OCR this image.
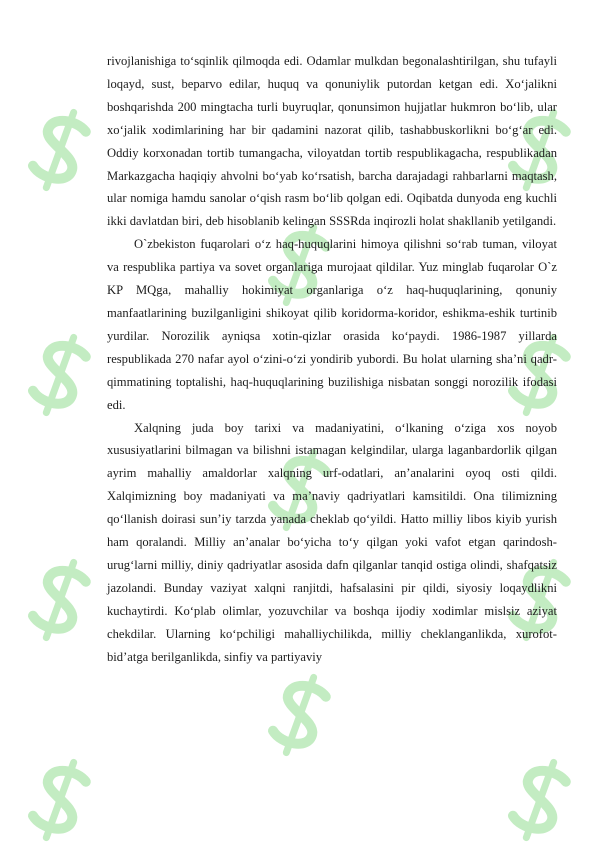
rivojlanishiga to‘sqinlik qilmoqda edi. Odamlar mulkdan begonalashtirilgan, shu tufayli loqayd, sust, beparvo edilar, huquq va qonuniylik putordan ketgan edi. Xo‘jalikni boshqarishda 200 mingtacha turli buyruqlar, qonunsimon hujjatlar hukmron bo‘lib, ular xo‘jalik xodimlarining har bir qadamini nazorat qilib, tashabbuskorlikni bo‘g‘ar edi. Oddiy korxonadan tortib tumangacha, viloyatdan tortib respublikagacha, respublikadan Markazgacha haqiqiy ahvolni bo‘yab ko‘rsatish, barcha darajadagi rahbarlarni maqtash, ular nomiga hamdu sanolar o‘qish rasm bo‘lib qolgan edi. Oqibatda dunyoda eng kuchli ikki davlatdan biri, deb hisoblanib kelingan SSSRda inqirozli holat shakllanib yetilgandi.

O`zbekiston fuqarolari o‘z haq-huquqlarini himoya qilishni so‘rab tuman, viloyat va respublika partiya va sovet organlariga murojaat qildilar. Yuz minglab fuqarolar O`z KP MQga, mahalliy hokimiyat organlariga o‘z haq-huquqlarining, qonuniy manfaatlarining buzilganligini shikoyat qilib koridorma-koridor, eshikma-eshik turtinib yurdilar. Norozilik ayniqsa xotin-qizlar orasida ko‘paydi. 1986-1987 yillarda respublikada 270 nafar ayol o‘zini-o‘zi yondirib yubordi. Bu holat ularning sha’ni qadr-qimmatining toptalishi, haq-huquqlarining buzilishiga nisbatan songgi norozilik ifodasi edi.

Xalqning juda boy tarixi va madaniyatini, o‘lkaning o‘ziga xos noyob xususiyatlarini bilmagan va bilishni istamagan kelgindilar, ularga laganbardorlik qilgan ayrim mahalliy amaldorlar xalqning urf-odatlari, an’analarini oyoq osti qildi. Xalqimizning boy madaniyati va ma’naviy qadriyatlari kamsitildi. Ona tilimizning qo‘llanish doirasi sun’iy tarzda yanada cheklab qo‘yildi. Hatto milliy libos kiyib yurish ham qoralandi. Milliy an’analar bo‘yicha to‘y qilgan yoki vafot etgan qarindosh-urug‘larni milliy, diniy qadriyatlar asosida dafn qilganlar tanqid ostiga olindi, shafqatsiz jazolandi. Bunday vaziyat xalqni ranjitdi, hafsalasini pir qildi, siyosiy loqaydlikni kuchaytirdi. Ko‘plab olimlar, yozuvchilar va boshqa ijodiy xodimlar mislsiz aziyat chekdilar. Ularning ko‘pchiligi mahalliychilikda, milliy cheklanganlikda, xurofot-bid’atga berilganlikda, sinfiy va partiyaviy
